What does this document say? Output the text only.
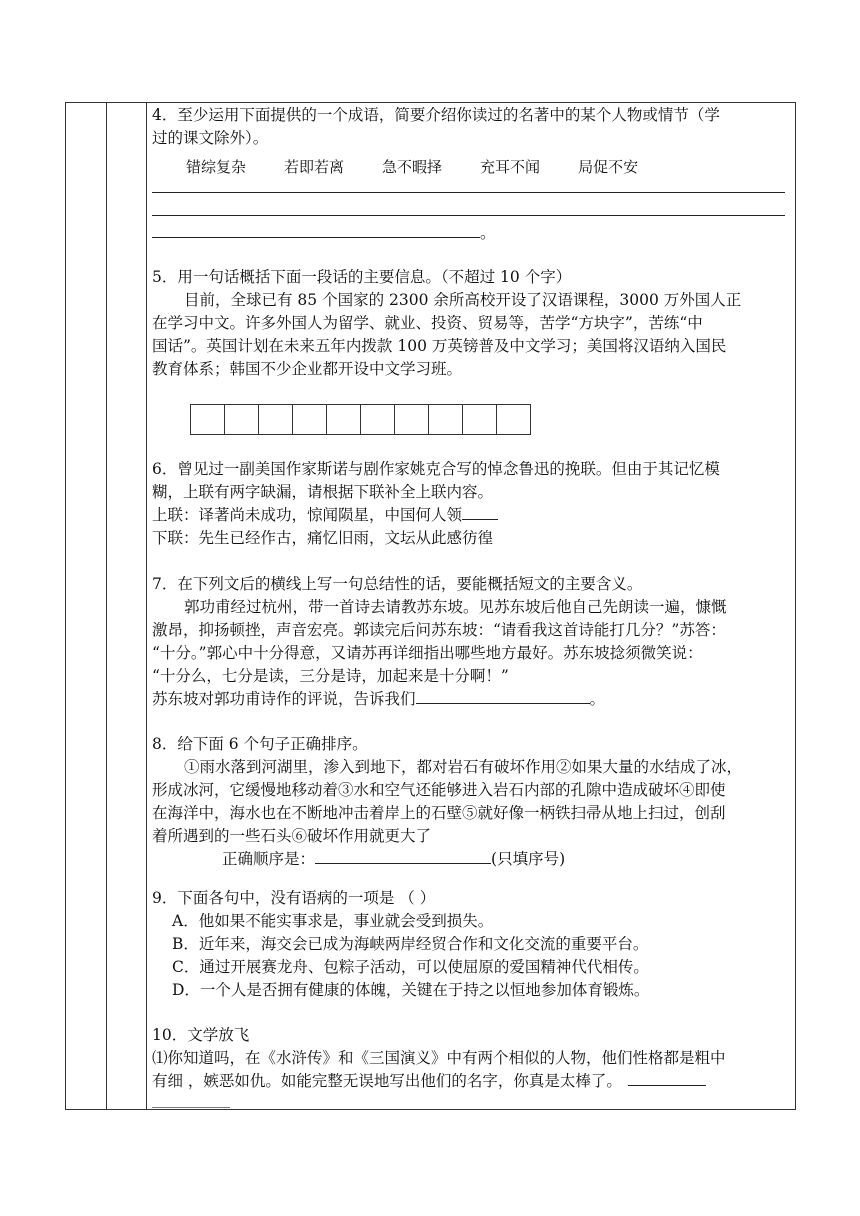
4．至少运用下面提供的一个成语，简要介绍你读过的名著中的某个人物或情节（学
过的课文除外）。
错综复杂	若即若离	急不暇择	充耳不闻	局促不安
。
5．用一句话概括下面一段话的主要信息。（不超过 10 个字）
目前，全球已有 85 个国家的 2300 余所高校开设了汉语课程，3000 万外国人正
在学习中文。许多外国人为留学、就业、投资、贸易等，苦学“方块字”，苦练“中
国话”。英国计划在未来五年内拨款 100 万英镑普及中文学习；美国将汉语纳入国民
教育体系；韩国不少企业都开设中文学习班。
6．曾见过一副美国作家斯诺与剧作家姚克合写的悼念鲁迅的挽联。但由于其记忆模
糊，上联有两字缺漏，请根据下联补全上联内容。
上联：译著尚未成功，惊闻陨星，中国何人领
下联：先生已经作古，痛忆旧雨，文坛从此感彷徨
7．在下列文后的横线上写一句总结性的话，要能概括短文的主要含义。
郭功甫经过杭州，带一首诗去请教苏东坡。见苏东坡后他自己先朗读一遍，慷慨
激昂，抑扬顿挫，声音宏亮。郭读完后问苏东坡：“请看我这首诗能打几分？”苏答：
“十分。”郭心中十分得意，又请苏再详细指出哪些地方最好。苏东坡捻须微笑说：
“十分么，七分是读，三分是诗，加起来是十分啊！”
苏东坡对郭功甫诗作的评说，告诉我们	。
8．给下面 6 个句子正确排序。
①雨水落到河湖里，渗入到地下，都对岩石有破坏作用②如果大量的水结成了冰，
形成冰河，它缓慢地移动着③水和空气还能够进入岩石内部的孔隙中造成破坏④即使
在海洋中，海水也在不断地冲击着岸上的石壁⑤就好像一柄铁扫帚从地上扫过，创刮
着所遇到的一些石头⑥破坏作用就更大了
正确顺序是：	(只填序号)
9．下面各句中，没有语病的一项是 （ ）
A．他如果不能实事求是，事业就会受到损失。
B．近年来，海交会已成为海峡两岸经贸合作和文化交流的重要平台。
C．通过开展赛龙舟、包粽子活动，可以使屈原的爱国精神代代相传。
D．一个人是否拥有健康的体魄，关键在于持之以恒地参加体育锻炼。
10．文学放飞
⑴你知道吗，在《水浒传》和《三国演义》中有两个相似的人物，他们性格都是粗中
有细 ，嫉恶如仇。如能完整无误地写出他们的名字，你真是太棒了。
